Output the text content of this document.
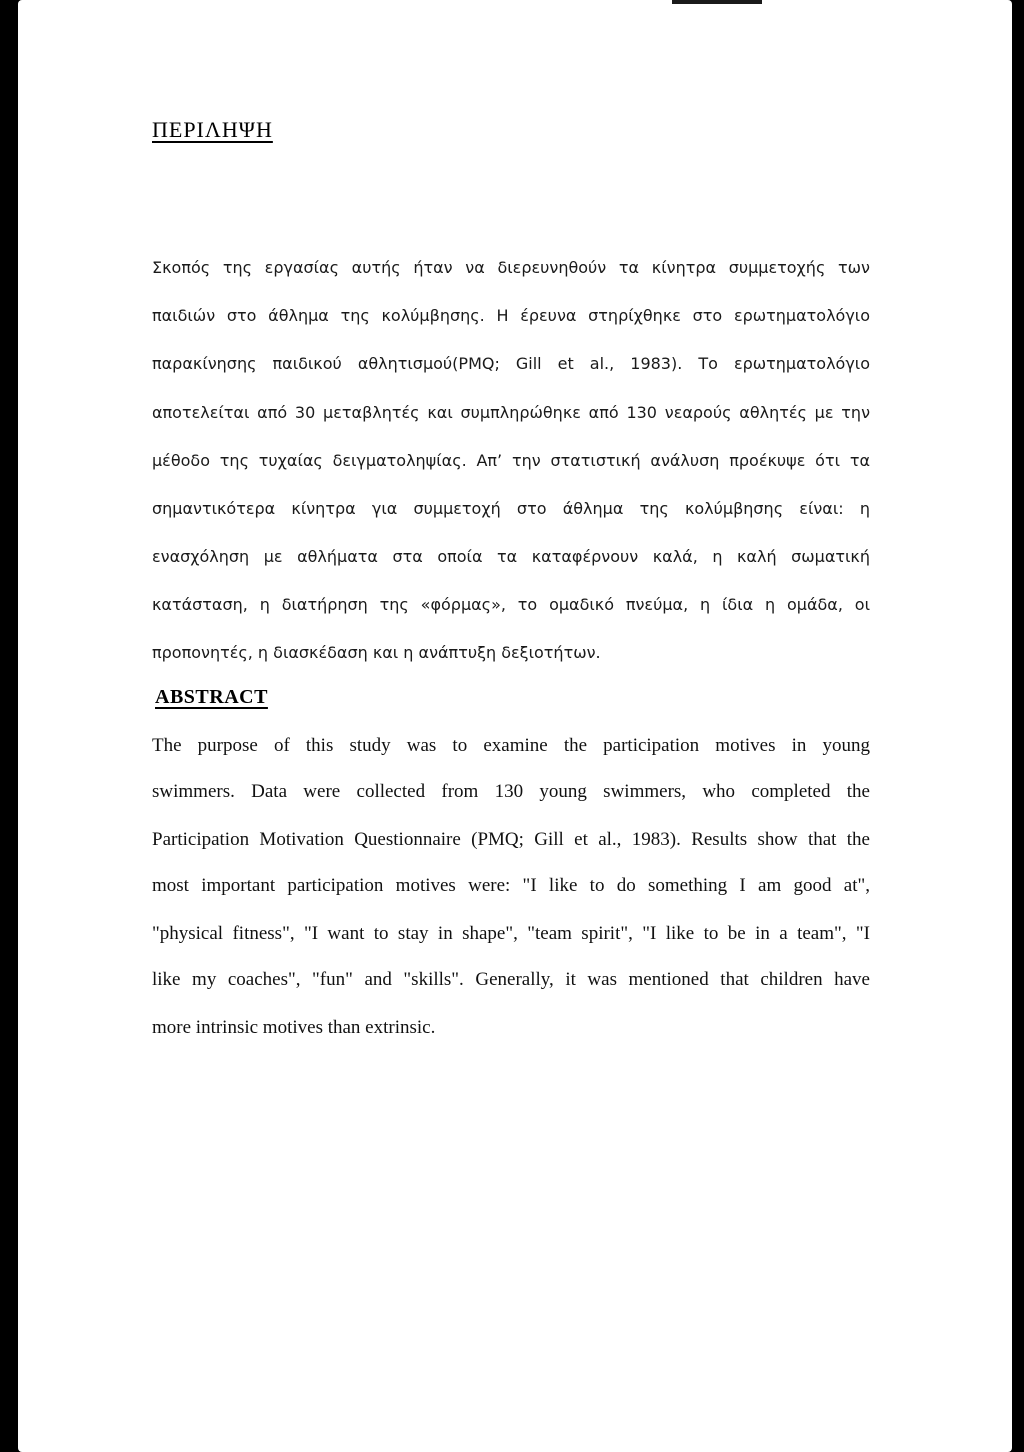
ΠΕΡΙΛΗΨΗ

Σκοπός της εργασίας αυτής ήταν να διερευνηθούν τα κίνητρα συμμετοχής των

παιδιών στο άθλημα της κολύμβησης. Η έρευνα στηρίχθηκε στο ερωτηματολόγιο

παρακίνησης παιδικού αθλητισμού(PMQ; Gill et al., 1983). Το ερωτηματολόγιο

αποτελείται από 30 μεταβλητές και συμπληρώθηκε από 130 νεαρούς αθλητές με την

μέθοδο της τυχαίας δειγματοληψίας. Απ’ την στατιστική ανάλυση προέκυψε ότι τα

σημαντικότερα κίνητρα για συμμετοχή στο άθλημα της κολύμβησης είναι: η

ενασχόληση με αθλήματα στα οποία τα καταφέρνουν καλά, η καλή σωματική

κατάσταση, η διατήρηση της «φόρμας», το ομαδικό πνεύμα, η ίδια η ομάδα, οι

προπονητές, η διασκέδαση και η ανάπτυξη δεξιοτήτων.

ABSTRACT

The purpose of this study was to examine the participation motives in young

swimmers. Data were collected from 130 young swimmers, who completed the

Participation Motivation Questionnaire (PMQ; Gill et al., 1983). Results show that the

most important participation motives were: "I like to do something I am good at",

"physical fitness", "I want to stay in shape", "team spirit", "I like to be in a team", "I

like my coaches", "fun" and "skills". Generally, it was mentioned that children have

more intrinsic motives than extrinsic.
